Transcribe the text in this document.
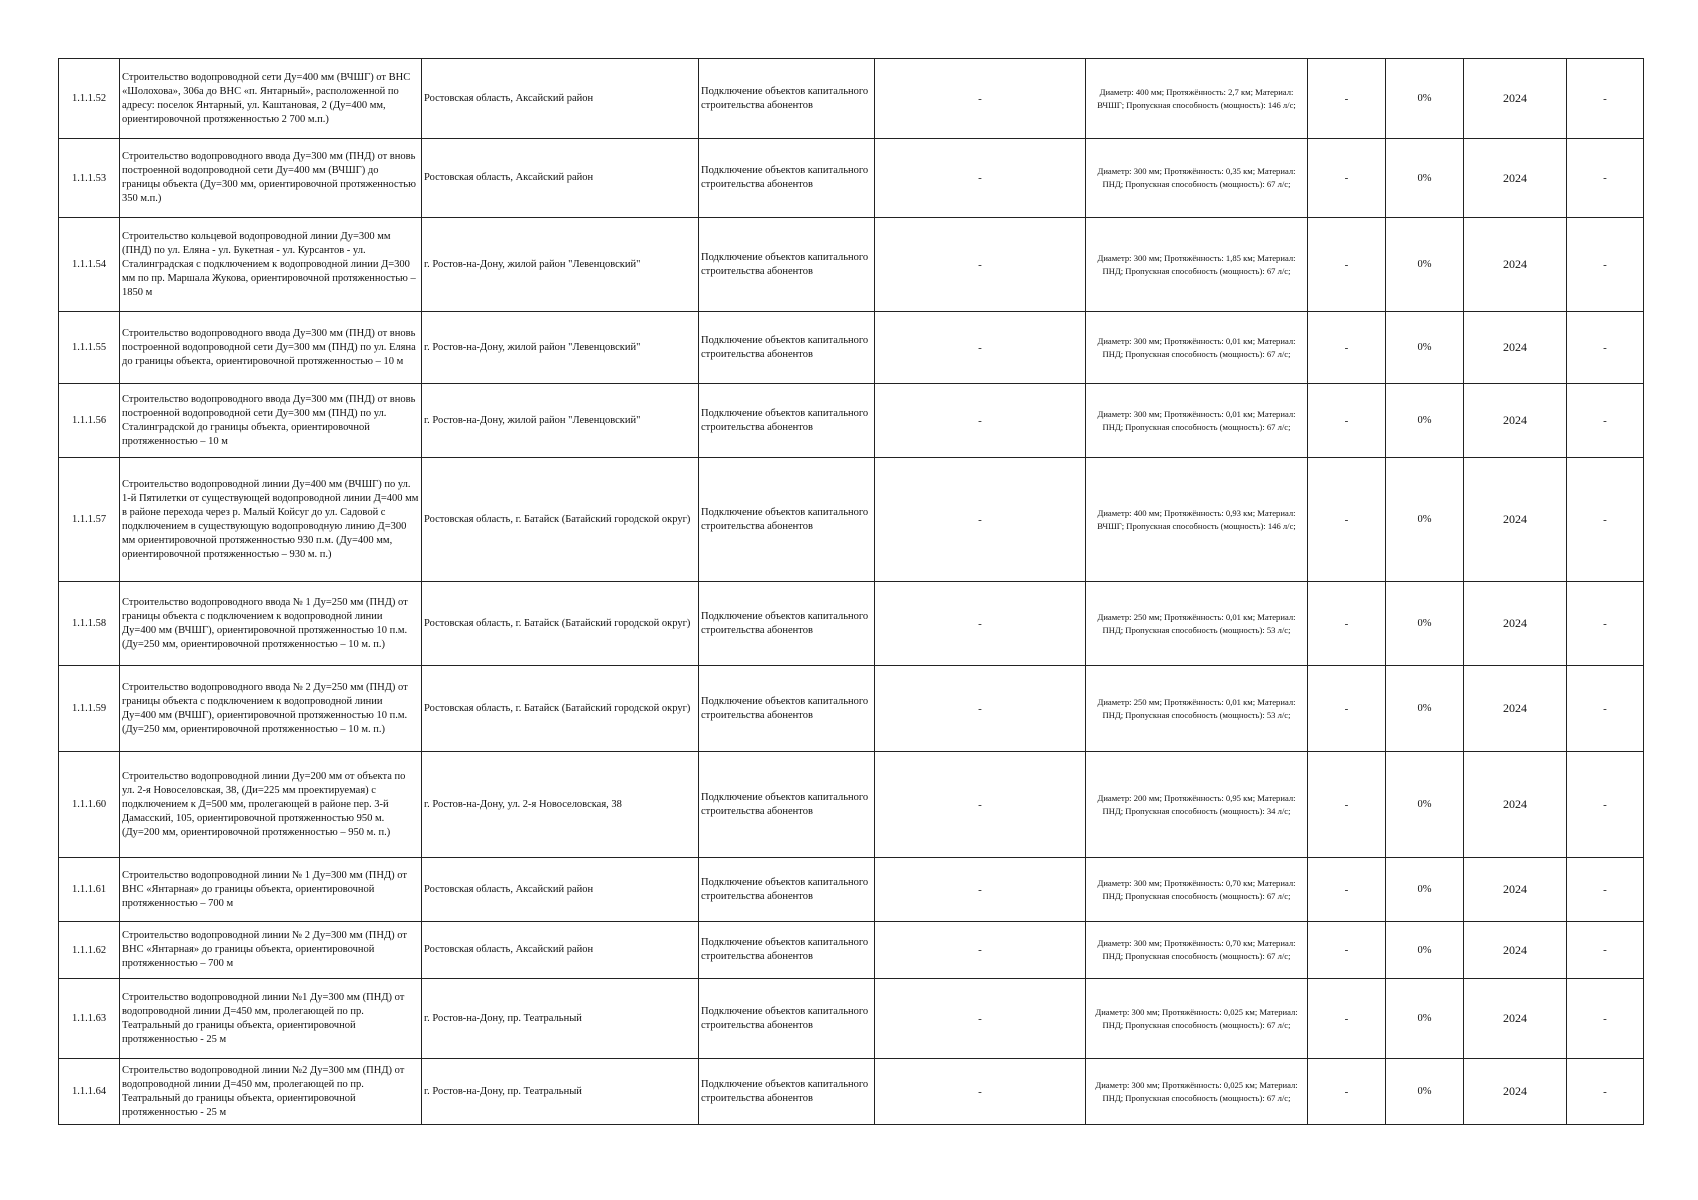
1.1.1.52	Строительство водопроводной сети Ду=400 мм (ВЧШГ) от ВНС «Шолохова», 306а до ВНС «п. Янтарный», расположенной по адресу: поселок Янтарный, ул. Каштановая, 2 (Ду=400 мм, ориентировочной протяженностью 2 700 м.п.)	Ростовская область, Аксайский район	Подключение объектов капитального строительства абонентов	-	Диаметр: 400 мм; Протяжённость: 2,7 км; Материал: ВЧШГ; Пропускная способность (мощность): 146 л/с;	-	0%	2024	-
1.1.1.53	Строительство водопроводного ввода Ду=300 мм (ПНД) от вновь построенной водопроводной сети Ду=400 мм (ВЧШГ) до границы объекта (Ду=300 мм, ориентировочной протяженностью 350 м.п.)	Ростовская область, Аксайский район	Подключение объектов капитального строительства абонентов	-	Диаметр: 300 мм; Протяжённость: 0,35 км; Материал: ПНД; Пропускная способность (мощность): 67 л/с;	-	0%	2024	-
1.1.1.54	Строительство кольцевой водопроводной линии Ду=300 мм (ПНД) по ул. Еляна - ул. Букетная - ул. Курсантов - ул. Сталинградская с подключением к водопроводной линии Д=300 мм по пр. Маршала Жукова, ориентировочной протяженностью – 1850 м	г. Ростов-на-Дону, жилой район "Левенцовский"	Подключение объектов капитального строительства абонентов	-	Диаметр: 300 мм; Протяжённость: 1,85 км; Материал: ПНД; Пропускная способность (мощность): 67 л/с;	-	0%	2024	-
1.1.1.55	Строительство водопроводного ввода Ду=300 мм (ПНД) от вновь построенной водопроводной сети Ду=300 мм (ПНД) по ул. Еляна до границы объекта, ориентировочной протяженностью – 10 м	г. Ростов-на-Дону, жилой район "Левенцовский"	Подключение объектов капитального строительства абонентов	-	Диаметр: 300 мм; Протяжённость: 0,01 км; Материал: ПНД; Пропускная способность (мощность): 67 л/с;	-	0%	2024	-
1.1.1.56	Строительство водопроводного ввода Ду=300 мм (ПНД) от вновь построенной водопроводной сети Ду=300 мм (ПНД) по ул. Сталинградской до границы объекта, ориентировочной протяженностью – 10 м	г. Ростов-на-Дону, жилой район "Левенцовский"	Подключение объектов капитального строительства абонентов	-	Диаметр: 300 мм; Протяжённость: 0,01 км; Материал: ПНД; Пропускная способность (мощность): 67 л/с;	-	0%	2024	-
1.1.1.57	Строительство водопроводной линии Ду=400 мм (ВЧШГ) по ул. 1-й Пятилетки от существующей водопроводной линии Д=400 мм в районе перехода через р. Малый Койсуг до ул. Садовой с подключением в существующую водопроводную линию Д=300 мм ориентировочной протяженностью 930 п.м. (Ду=400 мм, ориентировочной протяженностью – 930 м. п.)	Ростовская область, г. Батайск (Батайский городской округ)	Подключение объектов капитального строительства абонентов	-	Диаметр: 400 мм; Протяжённость: 0,93 км; Материал: ВЧШГ; Пропускная способность (мощность): 146 л/с;	-	0%	2024	-
1.1.1.58	Строительство водопроводного ввода № 1 Ду=250 мм (ПНД) от границы объекта с подключением к водопроводной линии Ду=400 мм (ВЧШГ), ориентировочной протяженностью 10 п.м. (Ду=250 мм, ориентировочной протяженностью – 10 м. п.)	Ростовская область, г. Батайск (Батайский городской округ)	Подключение объектов капитального строительства абонентов	-	Диаметр: 250 мм; Протяжённость: 0,01 км; Материал: ПНД; Пропускная способность (мощность): 53 л/с;	-	0%	2024	-
1.1.1.59	Строительство водопроводного ввода № 2 Ду=250 мм (ПНД) от границы объекта с подключением к водопроводной линии Ду=400 мм (ВЧШГ), ориентировочной протяженностью 10 п.м. (Ду=250 мм, ориентировочной протяженностью – 10 м. п.)	Ростовская область, г. Батайск (Батайский городской округ)	Подключение объектов капитального строительства абонентов	-	Диаметр: 250 мм; Протяжённость: 0,01 км; Материал: ПНД; Пропускная способность (мощность): 53 л/с;	-	0%	2024	-
1.1.1.60	Строительство водопроводной линии Ду=200 мм от объекта по ул. 2-я Новоселовская, 38, (Ди=225 мм проектируемая) с подключением к Д=500 мм, пролегающей в районе пер. 3-й Дамасский, 105, ориентировочной протяженностью 950 м. (Ду=200 мм, ориентировочной протяженностью – 950 м. п.)	г. Ростов-на-Дону, ул. 2-я Новоселовская, 38	Подключение объектов капитального строительства абонентов	-	Диаметр: 200 мм; Протяжённость: 0,95 км; Материал: ПНД; Пропускная способность (мощность): 34 л/с;	-	0%	2024	-
1.1.1.61	Строительство водопроводной линии № 1 Ду=300 мм (ПНД) от ВНС «Янтарная» до границы объекта, ориентировочной протяженностью – 700 м	Ростовская область, Аксайский район	Подключение объектов капитального строительства абонентов	-	Диаметр: 300 мм; Протяжённость: 0,70 км; Материал: ПНД; Пропускная способность (мощность): 67 л/с;	-	0%	2024	-
1.1.1.62	Строительство водопроводной линии № 2 Ду=300 мм (ПНД) от ВНС «Янтарная» до границы объекта, ориентировочной протяженностью – 700 м	Ростовская область, Аксайский район	Подключение объектов капитального строительства абонентов	-	Диаметр: 300 мм; Протяжённость: 0,70 км; Материал: ПНД; Пропускная способность (мощность): 67 л/с;	-	0%	2024	-
1.1.1.63	Строительство водопроводной линии №1 Ду=300 мм (ПНД) от водопроводной линии Д=450 мм, пролегающей по пр. Театральный до границы объекта, ориентировочной протяженностью - 25 м	г. Ростов-на-Дону, пр. Театральный	Подключение объектов капитального строительства абонентов	-	Диаметр: 300 мм; Протяжённость: 0,025 км; Материал: ПНД; Пропускная способность (мощность): 67 л/с;	-	0%	2024	-
1.1.1.64	Строительство водопроводной линии №2 Ду=300 мм (ПНД) от водопроводной линии Д=450 мм, пролегающей по пр. Театральный до границы объекта, ориентировочной протяженностью - 25 м	г. Ростов-на-Дону, пр. Театральный	Подключение объектов капитального строительства абонентов	-	Диаметр: 300 мм; Протяжённость: 0,025 км; Материал: ПНД; Пропускная способность (мощность): 67 л/с;	-	0%	2024	-
